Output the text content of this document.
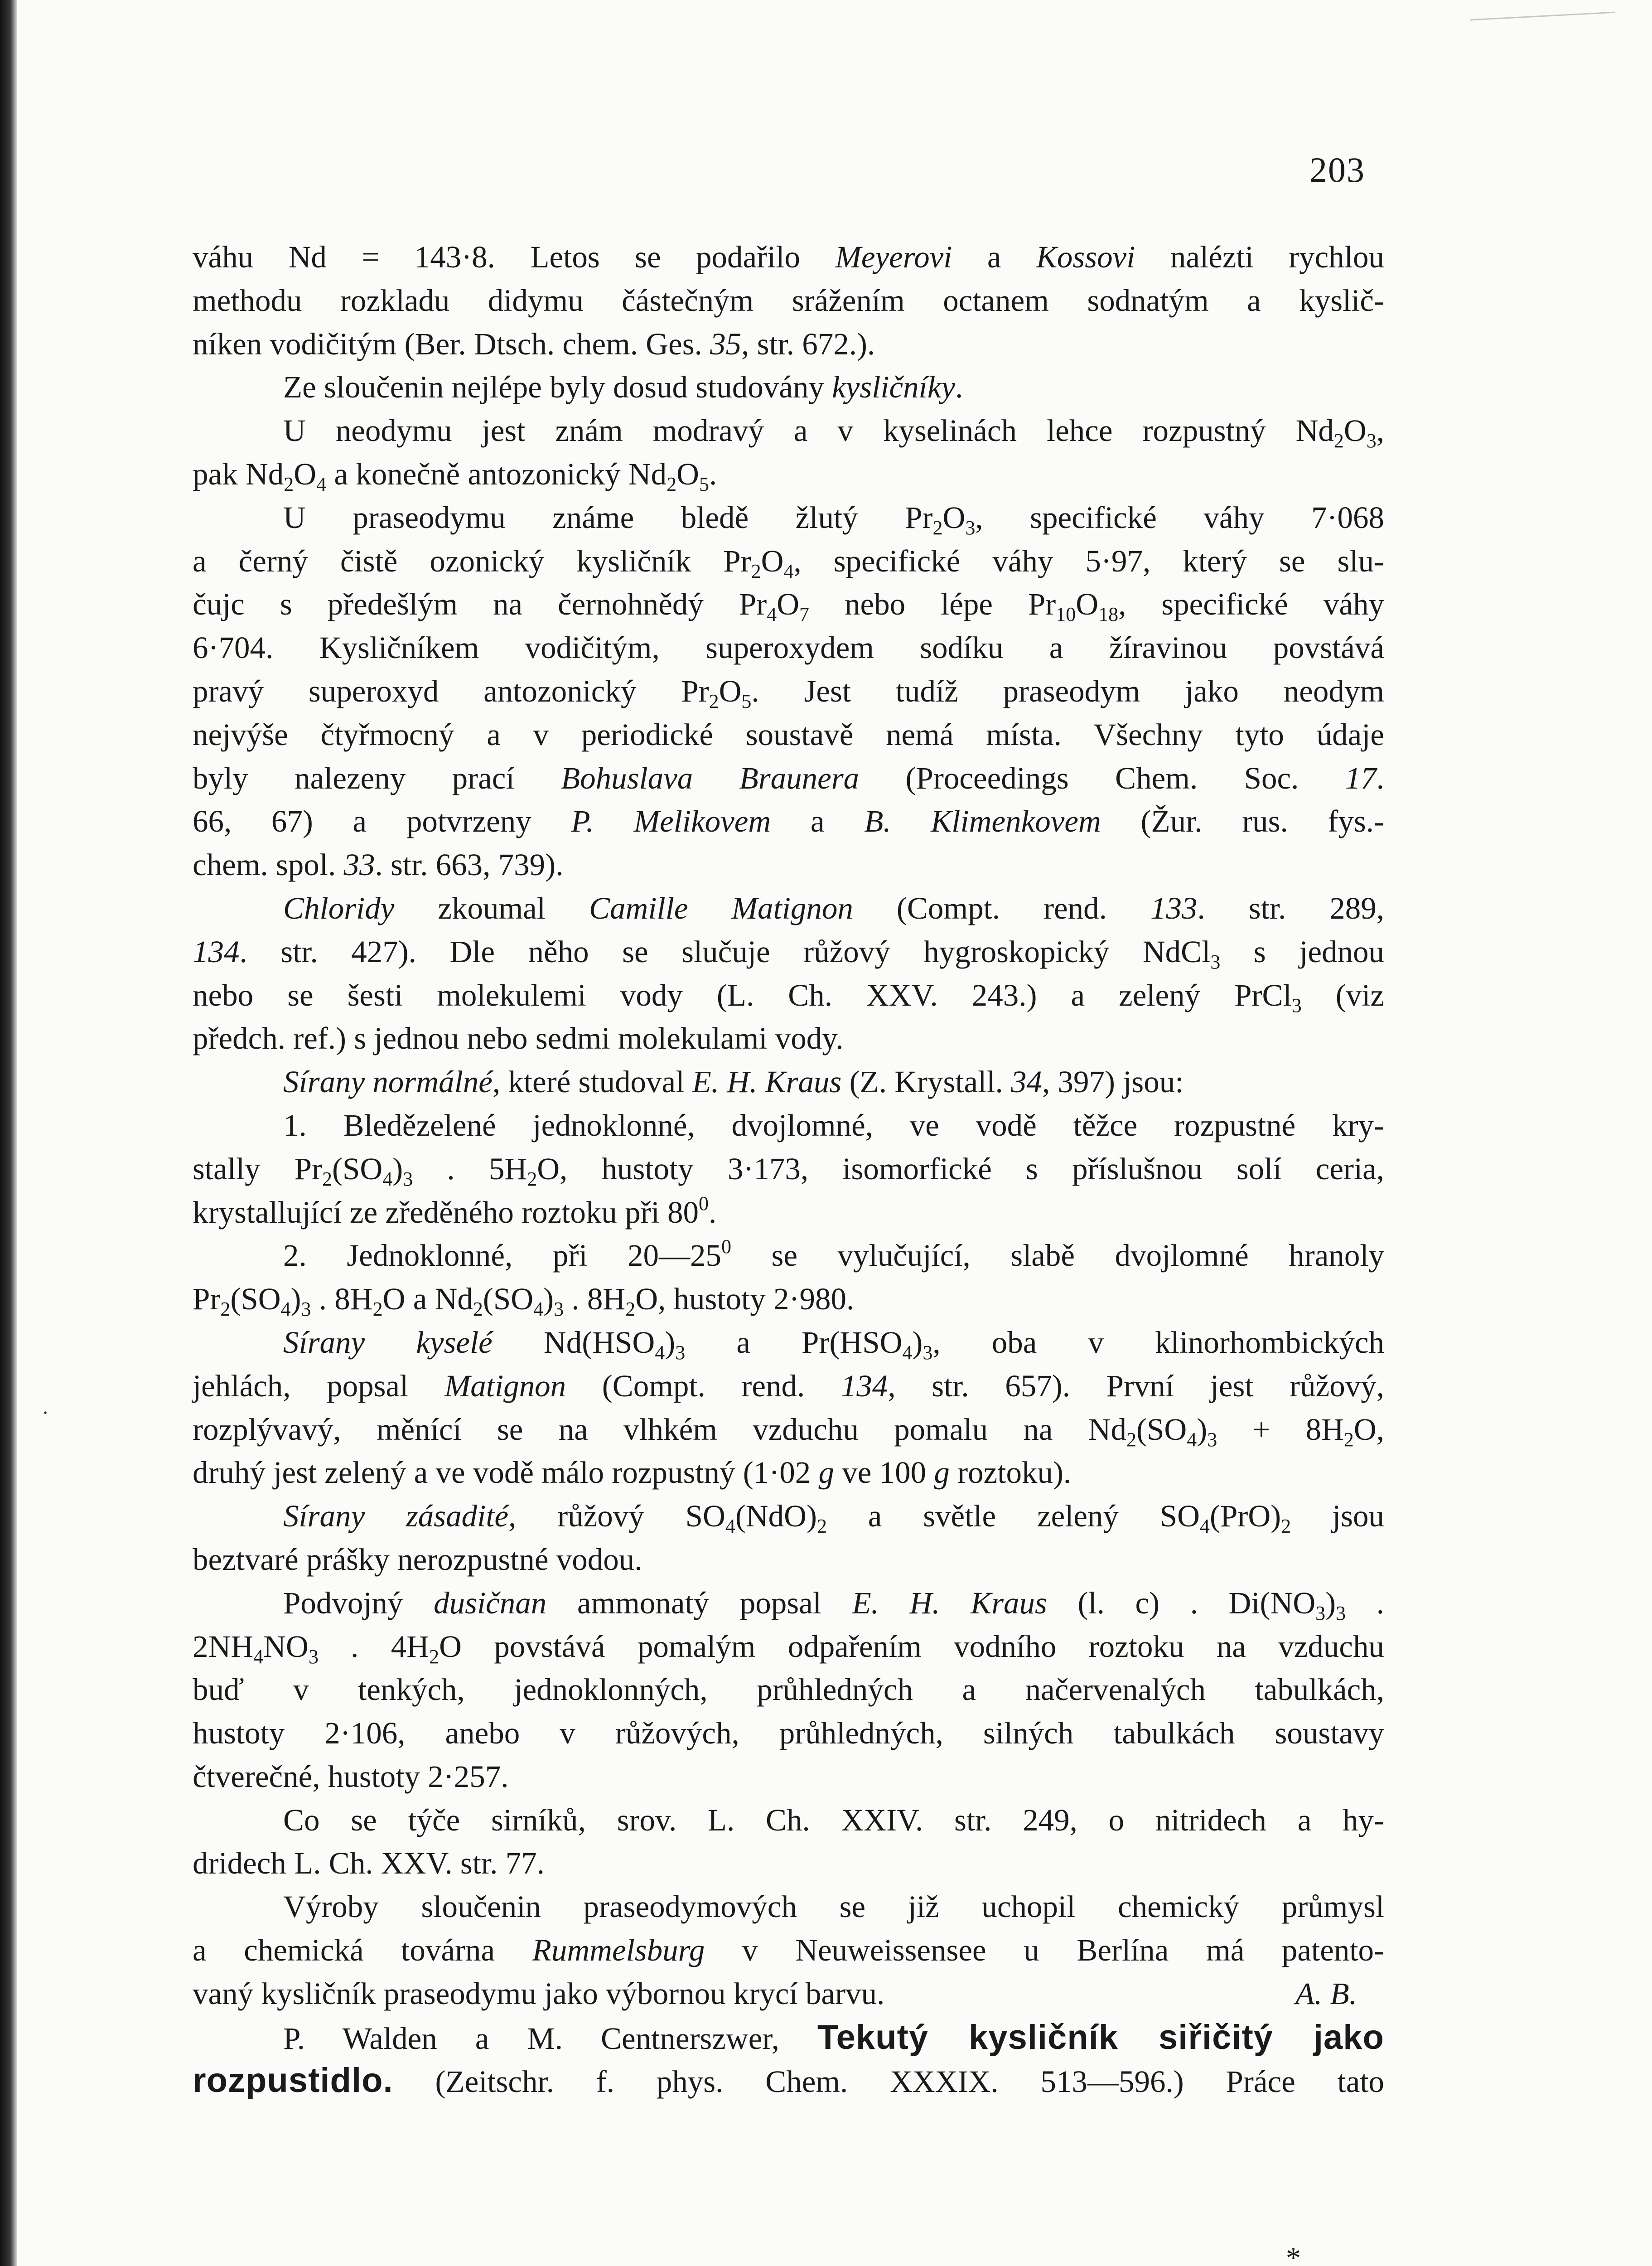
·
203
váhu Nd = 143·8. Letos se podařilo Meyerovi a Kossovi nalézti rychlou
methodu rozkladu didymu částečným srážením octanem sodnatým a kyslič-
níken vodičitým (Ber. Dtsch. chem. Ges. 35, str. 672.).
Ze sloučenin nejlépe byly dosud studovány kysličníky.
U neodymu jest znám modravý a v kyselinách lehce rozpustný $Nd_2O_3$,
pak $Nd_2O_4$ a konečně antozonický $Nd_2O_5$.
U praseodymu známe bledě žlutý $Pr_2O_3$, specifické váhy 7·068
a černý čistě ozonický kysličník $Pr_2O_4$, specifické váhy 5·97, který se slu-
čujc s předešlým na černohnědý $Pr_4O_7$ nebo lépe $Pr_{10}O_{18}$, specifické váhy
6·704. Kysličníkem vodičitým, superoxydem sodíku a žíravinou povstává
pravý superoxyd antozonický $Pr_2O_5$. Jest tudíž praseodym jako neodym
nejvýše čtyřmocný a v periodické soustavě nemá místa. Všechny tyto údaje
byly nalezeny prací Bohuslava Braunera (Proceedings Chem. Soc. 17.
66, 67) a potvrzeny P. Melikovem a B. Klimenkovem (Žur. rus. fys.-
chem. spol. 33. str. 663, 739).
Chloridy zkoumal Camille Matignon (Compt. rend. 133. str. 289,
134. str. 427). Dle něho se slučuje růžový hygroskopický NdCl$_3$ s jednou
nebo se šesti molekulemi vody (L. Ch. XXV. 243.) a zelený PrCl$_3$ (viz
předch. ref.) s jednou nebo sedmi molekulami vody.
Sírany normálné, které studoval E. H. Kraus (Z. Krystall. 34, 397) jsou:
1. Bledězelené jednoklonné, dvojlomné, ve vodě těžce rozpustné kry-
stally $Pr_2(SO_4)_3$ . $5H_2O$, hustoty 3·173, isomorfické s příslušnou solí ceria,
krystallující ze zředěného roztoku při $80^0$.
2. Jednoklonné, při $20—25^0$ se vylučující, slabě dvojlomné hranoly
$Pr_2(SO_4)_3$ . $8H_2O$ a $Nd_2(SO_4)_3$ . $8H_2O$, hustoty 2·980.
Sírany kyselé $Nd(HSO_4)_3$ a $Pr(HSO_4)_3$, oba v klinorhombických
jehlách, popsal Matignon (Compt. rend. 134, str. 657). První jest růžový,
rozplývavý, měnící se na vlhkém vzduchu pomalu na $Nd_2(SO_4)_3 + 8H_2O$,
druhý jest zelený a ve vodě málo rozpustný (1·02 g ve 100 g roztoku).
Sírany zásadité, růžový $SO_4(NdO)_2$ a světle zelený $SO_4(PrO)_2$ jsou
beztvaré prášky nerozpustné vodou.
Podvojný dusičnan ammonatý popsal E. H. Kraus (l. c) . $Di(NO_3)_3$ .
$2NH_4NO_3$ . $4H_2O$ povstává pomalým odpařením vodního roztoku na vzduchu
buď v tenkých, jednoklonných, průhledných a načervenalých tabulkách,
hustoty 2·106, anebo v růžových, průhledných, silných tabulkách soustavy
čtverečné, hustoty 2·257.
Co se týče sirníků, srov. L. Ch. XXIV. str. 249, o nitridech a hy-
dridech L. Ch. XXV. str. 77.
Výroby sloučenin praseodymových se již uchopil chemický průmysl
a chemická továrna Rummelsburg v Neuweissensee u Berlína má patento-
vaný kysličník praseodymu jako výbornou krycí barvu.	A. B.
P. Walden a M. Centnerszwer, Tekutý kysličník siřičitý jako
rozpustidlo. (Zeitschr. f. phys. Chem. XXXIX. 513—596.) Práce tato
*
